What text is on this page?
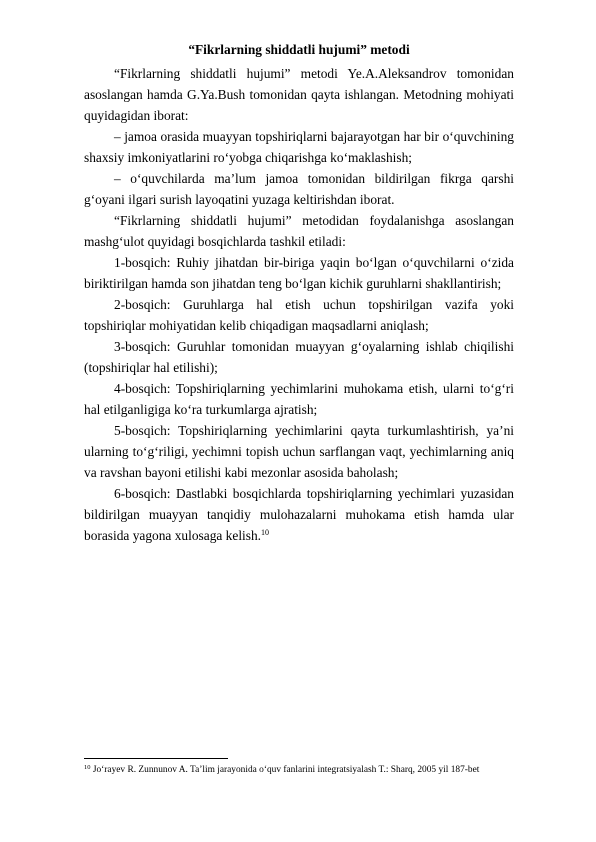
“Fikrlarning shiddatli hujumi” metodi

“Fikrlarning shiddatli hujumi” metodi Ye.A.Aleksandrov tomonidan asoslangan hamda G.Ya.Bush tomonidan qayta ishlangan. Metodning mohiyati quyidagidan iborat:

– jamoa orasida muayyan topshiriqlarni bajarayotgan har bir o‘quvchining shaxsiy imkoniyatlarini ro‘yobga chiqarishga ko‘maklashish;

– o‘quvchilarda ma’lum jamoa tomonidan bildirilgan fikrga qarshi g‘oyani ilgari surish layoqatini yuzaga keltirishdan iborat.

“Fikrlarning shiddatli hujumi” metodidan foydalanishga asoslangan mashg‘ulot quyidagi bosqichlarda tashkil etiladi:

1-bosqich: Ruhiy jihatdan bir-biriga yaqin bo‘lgan o‘quvchilarni o‘zida biriktirilgan hamda son jihatdan teng bo‘lgan kichik guruhlarni shakllantirish;

2-bosqich: Guruhlarga hal etish uchun topshirilgan vazifa yoki topshiriqlar mohiyatidan kelib chiqadigan maqsadlarni aniqlash;

3-bosqich: Guruhlar tomonidan muayyan g‘oyalarning ishlab chiqilishi (topshiriqlar hal etilishi);

4-bosqich: Topshiriqlarning yechimlarini muhokama etish, ularni to‘g‘ri hal etilganligiga ko‘ra turkumlarga ajratish;

5-bosqich: Topshiriqlarning yechimlarini qayta turkumlashtirish, ya’ni ularning to‘g‘riligi, yechimni topish uchun sarflangan vaqt, yechimlarning aniq va ravshan bayoni etilishi kabi mezonlar asosida baholash;

6-bosqich: Dastlabki bosqichlarda topshiriqlarning yechimlari yuzasidan bildirilgan muayyan tanqidiy mulohazalarni muhokama etish hamda ular borasida yagona xulosaga kelish.$^{10}$

$^{10}$ Jo‘rayev R. Zunnunov A. Ta’lim jarayonida o‘quv fanlarini integratsiyalash T.: Sharq, 2005 yil 187-bet
